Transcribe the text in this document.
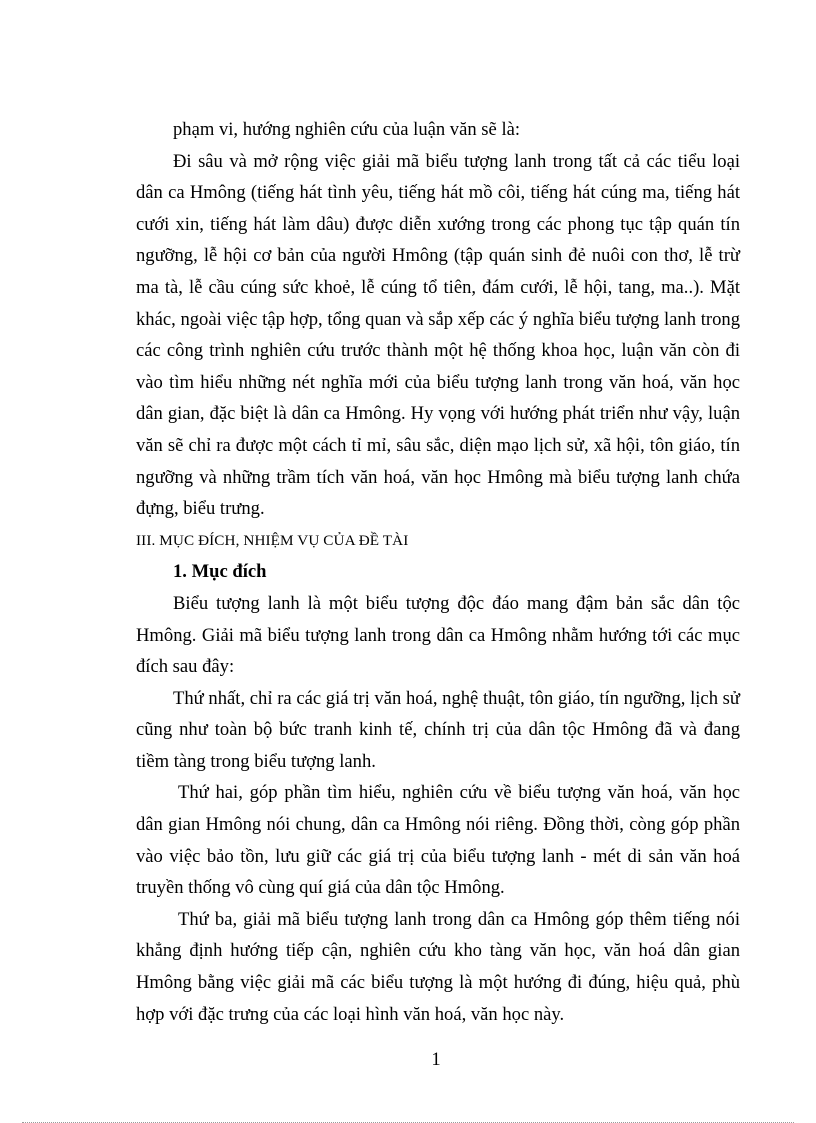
phạm vi, hướng nghiên cứu của luận văn sẽ là:

Đi sâu và mở rộng việc giải mã biểu tượng lanh trong tất cả các tiểu loại dân ca Hmông (tiếng hát tình yêu, tiếng hát mồ côi, tiếng hát cúng ma, tiếng hát cưới xin, tiếng hát làm dâu) được diễn xướng trong các phong tục tập quán tín ngưỡng, lễ hội cơ bản của người Hmông (tập quán sinh đẻ nuôi con thơ, lễ trừ ma tà, lễ cầu cúng sức khoẻ, lễ cúng tổ tiên, đám cưới, lễ hội, tang, ma..). Mặt khác, ngoài việc tập hợp, tổng quan và sắp xếp các ý nghĩa biểu tượng lanh trong các công trình nghiên cứu trước thành một hệ thống khoa học, luận văn còn đi vào tìm hiểu những nét nghĩa mới của biểu tượng lanh trong văn hoá, văn học dân gian, đặc biệt là dân ca Hmông. Hy vọng với hướng phát triển như vậy, luận văn sẽ chỉ ra được một cách tỉ mỉ, sâu sắc, diện mạo lịch sử, xã hội, tôn giáo, tín ngưỡng và những trầm tích văn hoá, văn học Hmông mà biểu tượng lanh chứa đựng, biểu trưng.

III. MỤC ĐÍCH, NHIỆM VỤ CỦA ĐỀ TÀI

1. Mục đích

Biểu tượng lanh là một biểu tượng độc đáo mang đậm bản sắc dân tộc Hmông. Giải mã biểu tượng lanh trong dân ca Hmông nhằm hướng tới các mục đích sau đây:

Thứ nhất, chỉ ra các giá trị văn hoá, nghệ thuật, tôn giáo, tín ngưỡng, lịch sử cũng như toàn bộ bức tranh kinh tế, chính trị của dân tộc Hmông đã và đang tiềm tàng trong biểu tượng lanh.

Thứ hai, góp phần tìm hiểu, nghiên cứu về biểu tượng văn hoá, văn học dân gian Hmông nói chung, dân ca Hmông nói riêng. Đồng thời, còng góp phần vào việc bảo tồn, lưu giữ các giá trị của biểu tượng lanh - mét di sản văn hoá truyền thống vô cùng quí giá của dân tộc Hmông.

Thứ ba, giải mã biểu tượng lanh trong dân ca Hmông góp thêm tiếng nói khẳng định hướng tiếp cận, nghiên cứu kho tàng văn học, văn hoá dân gian Hmông bằng việc giải mã các biểu tượng là một hướng đi đúng, hiệu quả, phù hợp với đặc trưng của các loại hình văn hoá, văn học này.

1
